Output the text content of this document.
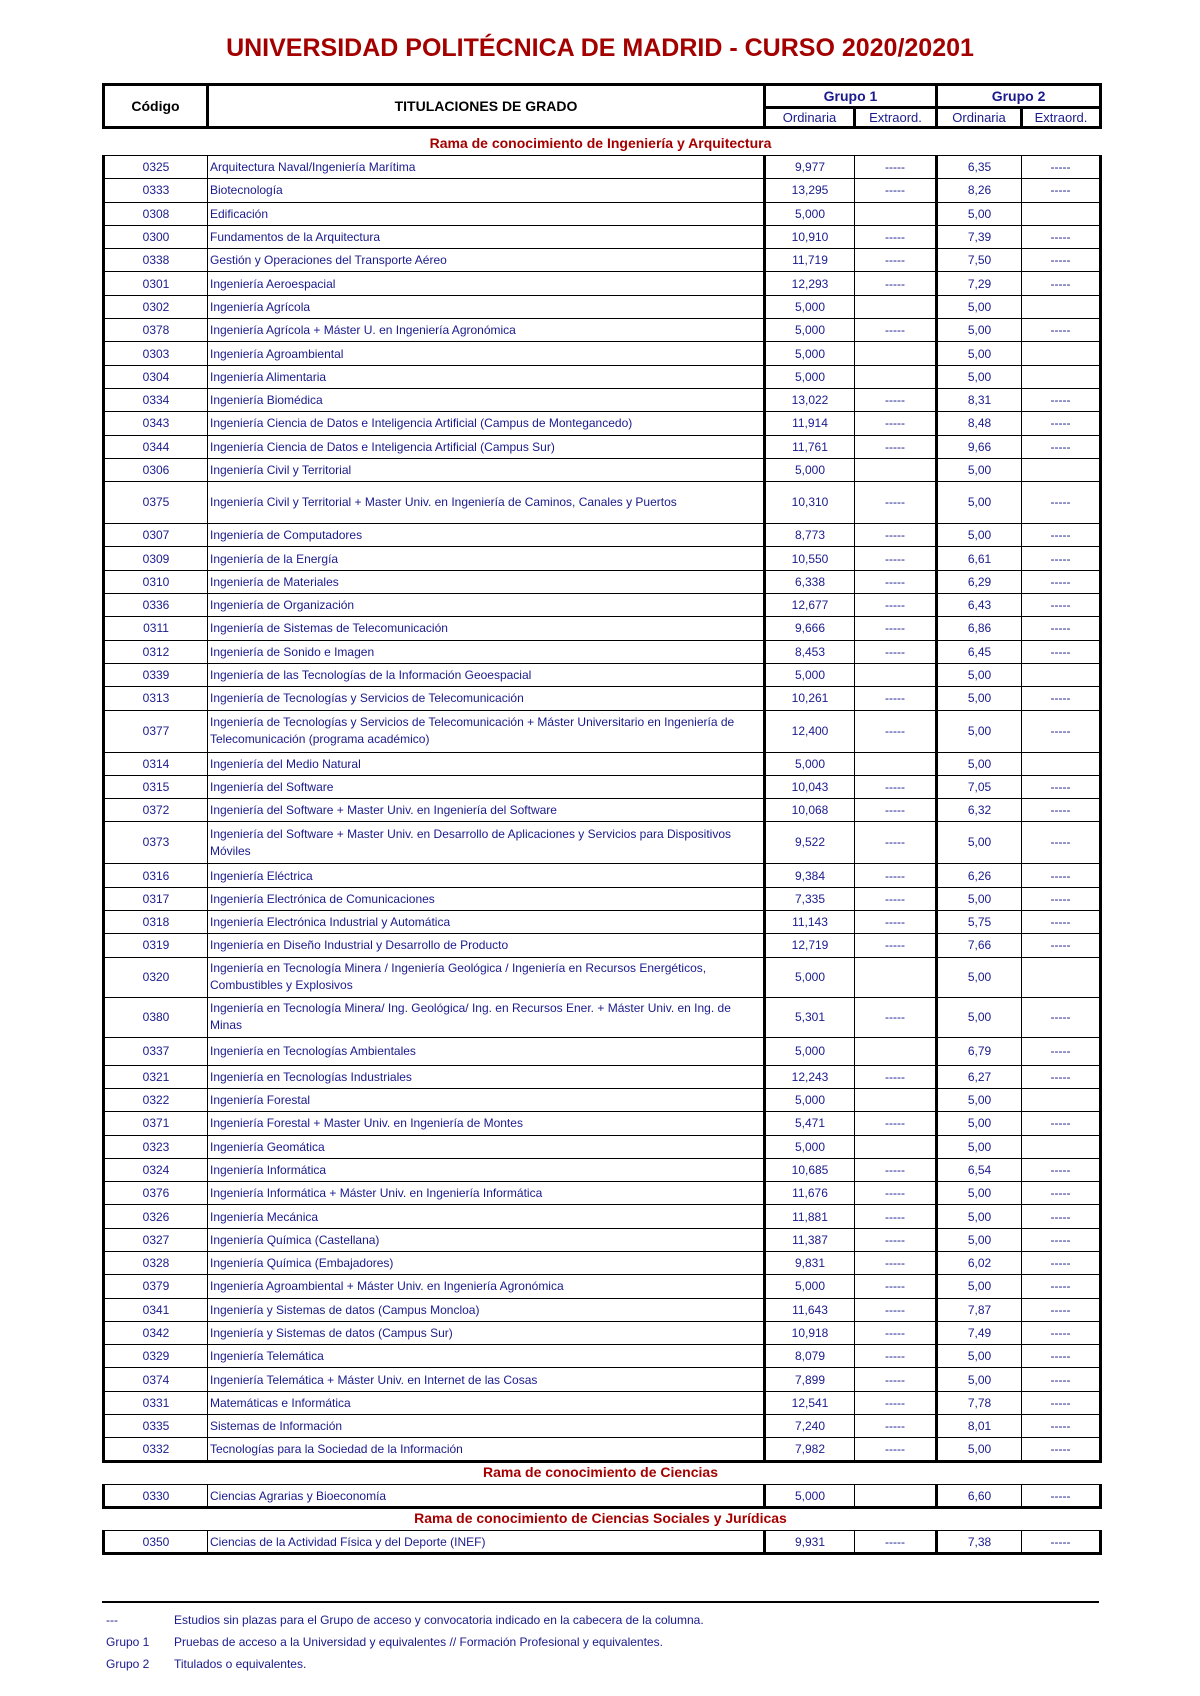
UNIVERSIDAD POLITÉCNICA DE MADRID - CURSO 2020/20201
Código	TITULACIONES DE GRADO	Grupo 1		Grupo 2	
		Ordinaria	Extraord.	Ordinaria	Extraord.
Rama de conocimiento de Ingeniería y Arquitectura
0325	Arquitectura Naval/Ingeniería Marítima	9,977	-----	6,35	-----
0333	Biotecnología	13,295	-----	8,26	-----
0308	Edificación	5,000		5,00	
0300	Fundamentos de la Arquitectura	10,910	-----	7,39	-----
0338	Gestión y Operaciones del Transporte Aéreo	11,719	-----	7,50	-----
0301	Ingeniería Aeroespacial	12,293	-----	7,29	-----
0302	Ingeniería Agrícola	5,000		5,00	
0378	Ingeniería Agrícola + Máster U. en Ingeniería Agronómica	5,000	-----	5,00	-----
0303	Ingeniería Agroambiental	5,000		5,00	
0304	Ingeniería Alimentaria	5,000		5,00	
0334	Ingeniería Biomédica	13,022	-----	8,31	-----
0343	Ingeniería Ciencia de Datos e Inteligencia Artificial (Campus de Montegancedo)	11,914	-----	8,48	-----
0344	Ingeniería Ciencia de Datos e Inteligencia Artificial (Campus Sur)	11,761	-----	9,66	-----
0306	Ingeniería Civil y Territorial	5,000		5,00	
0375	Ingeniería Civil y Territorial + Master Univ. en Ingeniería de Caminos, Canales y Puertos	10,310	-----	5,00	-----
0307	Ingeniería de Computadores	8,773	-----	5,00	-----
0309	Ingeniería de la Energía	10,550	-----	6,61	-----
0310	Ingeniería de Materiales	6,338	-----	6,29	-----
0336	Ingeniería de Organización	12,677	-----	6,43	-----
0311	Ingeniería de Sistemas de Telecomunicación	9,666	-----	6,86	-----
0312	Ingeniería de Sonido e Imagen	8,453	-----	6,45	-----
0339	Ingeniería de las Tecnologías de la Información Geoespacial	5,000		5,00	
0313	Ingeniería de Tecnologías y Servicios de Telecomunicación	10,261	-----	5,00	-----
0377	Ingeniería de Tecnologías y Servicios de Telecomunicación + Máster Universitario en Ingeniería de Telecomunicación (programa académico)	12,400	-----	5,00	-----
0314	Ingeniería del Medio Natural	5,000		5,00	
0315	Ingeniería del Software	10,043	-----	7,05	-----
0372	Ingeniería del Software + Master Univ. en Ingeniería del Software	10,068	-----	6,32	-----
0373	Ingeniería del Software + Master Univ. en Desarrollo de Aplicaciones y Servicios para Dispositivos Móviles	9,522	-----	5,00	-----
0316	Ingeniería Eléctrica	9,384	-----	6,26	-----
0317	Ingeniería Electrónica de Comunicaciones	7,335	-----	5,00	-----
0318	Ingeniería Electrónica Industrial y Automática	11,143	-----	5,75	-----
0319	Ingeniería en Diseño Industrial y Desarrollo de Producto	12,719	-----	7,66	-----
0320	Ingeniería en Tecnología Minera / Ingeniería Geológica / Ingeniería en Recursos Energéticos, Combustibles y Explosivos	5,000		5,00	
0380	Ingeniería en Tecnología Minera/ Ing. Geológica/ Ing. en Recursos Ener. + Máster Univ. en Ing. de Minas	5,301	-----	5,00	-----
0337	Ingeniería en Tecnologías Ambientales	5,000		6,79	-----
0321	Ingeniería en Tecnologías Industriales	12,243	-----	6,27	-----
0322	Ingeniería Forestal	5,000		5,00	
0371	Ingeniería Forestal + Master Univ. en Ingeniería de Montes	5,471	-----	5,00	-----
0323	Ingeniería Geomática	5,000		5,00	
0324	Ingeniería Informática	10,685	-----	6,54	-----
0376	Ingeniería Informática + Máster Univ. en Ingeniería Informática	11,676	-----	5,00	-----
0326	Ingeniería Mecánica	11,881	-----	5,00	-----
0327	Ingeniería Química (Castellana)	11,387	-----	5,00	-----
0328	Ingeniería Química (Embajadores)	9,831	-----	6,02	-----
0379	Ingeniería Agroambiental + Máster Univ. en Ingeniería Agronómica	5,000	-----	5,00	-----
0341	Ingeniería y Sistemas de datos (Campus Moncloa)	11,643	-----	7,87	-----
0342	Ingeniería y Sistemas de datos (Campus Sur)	10,918	-----	7,49	-----
0329	Ingeniería Telemática	8,079	-----	5,00	-----
0374	Ingeniería Telemática + Máster Univ. en Internet de las Cosas	7,899	-----	5,00	-----
0331	Matemáticas e Informática	12,541	-----	7,78	-----
0335	Sistemas de Información	7,240	-----	8,01	-----
0332	Tecnologías para la Sociedad de la Información	7,982	-----	5,00	-----
Rama de conocimiento de Ciencias
0330	Ciencias Agrarias y Bioeconomía	5,000		6,60	-----
Rama de conocimiento de Ciencias Sociales y Jurídicas
0350	Ciencias de la Actividad Física y del Deporte (INEF)	9,931	-----	7,38	-----
---	Estudios sin plazas para el Grupo de acceso y convocatoria indicado en la cabecera de la columna.
Grupo 1 Pruebas de acceso a la Universidad y equivalentes // Formación Profesional y equivalentes.
Grupo 2 Titulados o equivalentes.
